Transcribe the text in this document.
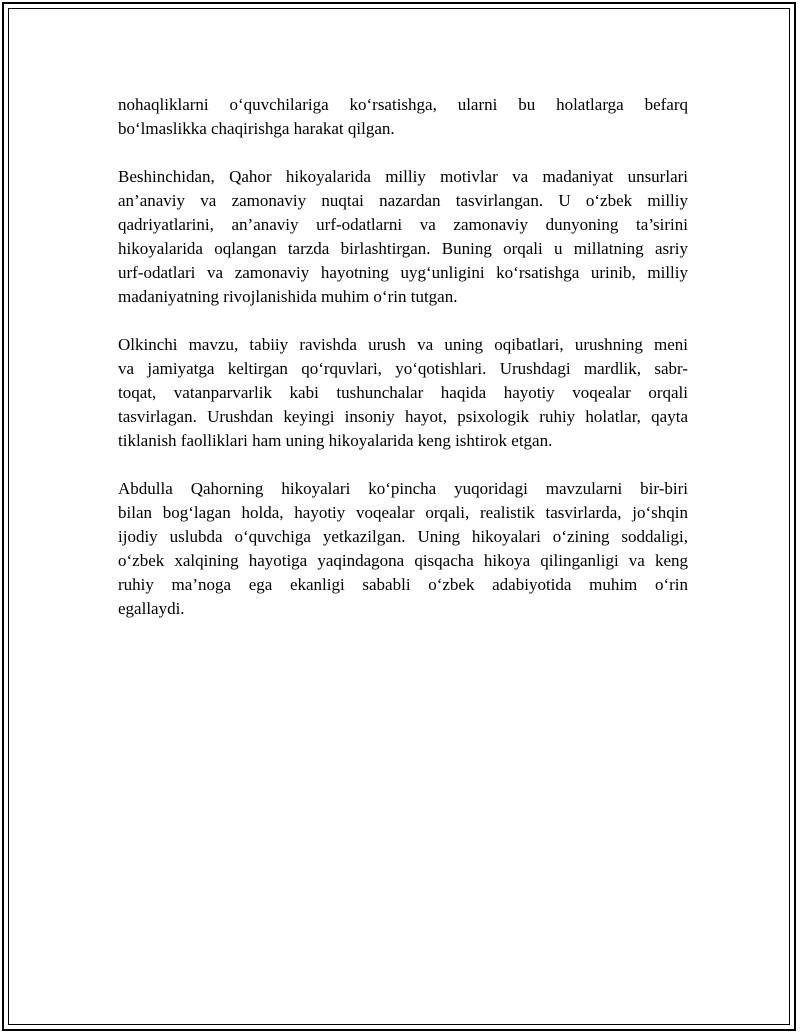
nohaqliklarni o‘quvchilariga ko‘rsatishga, ularni bu holatlarga befarq
bo‘lmaslikka chaqirishga harakat qilgan.

Beshinchidan, Qahor hikoyalarida milliy motivlar va madaniyat unsurlari
an’anaviy va zamonaviy nuqtai nazardan tasvirlangan. U o‘zbek milliy
qadriyatlarini, an’anaviy urf-odatlarni va zamonaviy dunyoning ta’sirini
hikoyalarida oqlangan tarzda birlashtirgan. Buning orqali u millatning asriy
urf-odatlari va zamonaviy hayotning uyg‘unligini ko‘rsatishga urinib, milliy
madaniyatning rivojlanishida muhim o‘rin tutgan.

Olkinchi mavzu, tabiiy ravishda urush va uning oqibatlari, urushning meni
va jamiyatga keltirgan qo‘rquvlari, yo‘qotishlari. Urushdagi mardlik, sabr-
toqat, vatanparvarlik kabi tushunchalar haqida hayotiy voqealar orqali
tasvirlagan. Urushdan keyingi insoniy hayot, psixologik ruhiy holatlar, qayta
tiklanish faolliklari ham uning hikoyalarida keng ishtirok etgan.

Abdulla Qahorning hikoyalari ko‘pincha yuqoridagi mavzularni bir-biri
bilan bog‘lagan holda, hayotiy voqealar orqali, realistik tasvirlarda, jo‘shqin
ijodiy uslubda o‘quvchiga yetkazilgan. Uning hikoyalari o‘zining soddaligi,
o‘zbek xalqining hayotiga yaqindagona qisqacha hikoya qilinganligi va keng
ruhiy ma’noga ega ekanligi sababli o‘zbek adabiyotida muhim o‘rin
egallaydi.
